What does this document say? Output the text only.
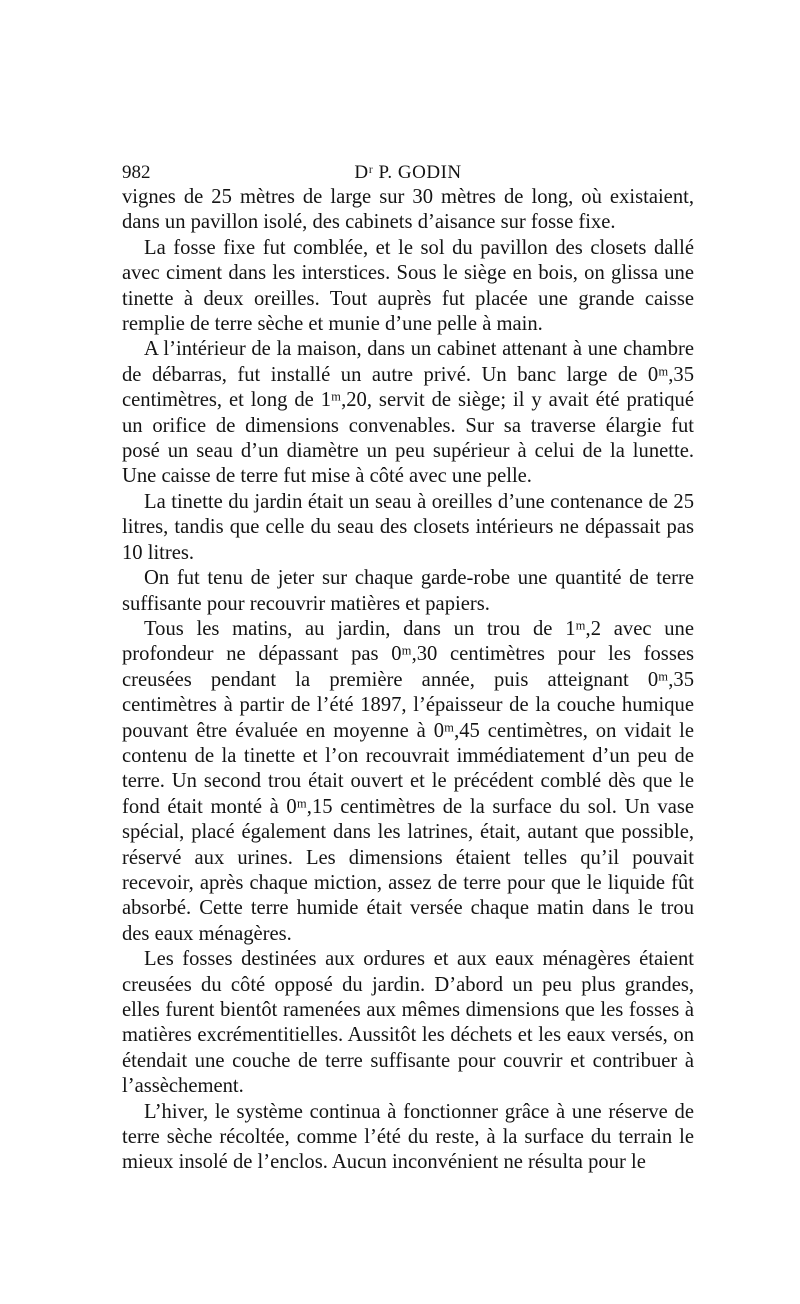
982	Dʳ P. GODIN

vignes de 25 mètres de large sur 30 mètres de long, où existaient, dans un pavillon isolé, des cabinets d’aisance sur fosse fixe.

La fosse fixe fut comblée, et le sol du pavillon des closets dallé avec ciment dans les interstices. Sous le siège en bois, on glissa une tinette à deux oreilles. Tout auprès fut placée une grande caisse remplie de terre sèche et munie d’une pelle à main.

A l’intérieur de la maison, dans un cabinet attenant à une chambre de débarras, fut installé un autre privé. Un banc large de 0ᵐ,35 centimètres, et long de 1ᵐ,20, servit de siège; il y avait été pratiqué un orifice de dimensions convenables. Sur sa traverse élargie fut posé un seau d’un diamètre un peu supérieur à celui de la lunette. Une caisse de terre fut mise à côté avec une pelle.

La tinette du jardin était un seau à oreilles d’une contenance de 25 litres, tandis que celle du seau des closets intérieurs ne dépassait pas 10 litres.

On fut tenu de jeter sur chaque garde-robe une quantité de terre suffisante pour recouvrir matières et papiers.

Tous les matins, au jardin, dans un trou de 1ᵐ,2 avec une profondeur ne dépassant pas 0ᵐ,30 centimètres pour les fosses creusées pendant la première année, puis atteignant 0ᵐ,35 centimètres à partir de l’été 1897, l’épaisseur de la couche humique pouvant être évaluée en moyenne à 0ᵐ,45 centimètres, on vidait le contenu de la tinette et l’on recouvrait immédiatement d’un peu de terre. Un second trou était ouvert et le précédent comblé dès que le fond était monté à 0ᵐ,15 centimètres de la surface du sol. Un vase spécial, placé également dans les latrines, était, autant que possible, réservé aux urines. Les dimensions étaient telles qu’il pouvait recevoir, après chaque miction, assez de terre pour que le liquide fût absorbé. Cette terre humide était versée chaque matin dans le trou des eaux ménagères.

Les fosses destinées aux ordures et aux eaux ménagères étaient creusées du côté opposé du jardin. D’abord un peu plus grandes, elles furent bientôt ramenées aux mêmes dimensions que les fosses à matières excrémentitielles. Aussitôt les déchets et les eaux versés, on étendait une couche de terre suffisante pour couvrir et contribuer à l’assèchement.

L’hiver, le système continua à fonctionner grâce à une réserve de terre sèche récoltée, comme l’été du reste, à la surface du terrain le mieux insolé de l’enclos. Aucun inconvénient ne résulta pour le
